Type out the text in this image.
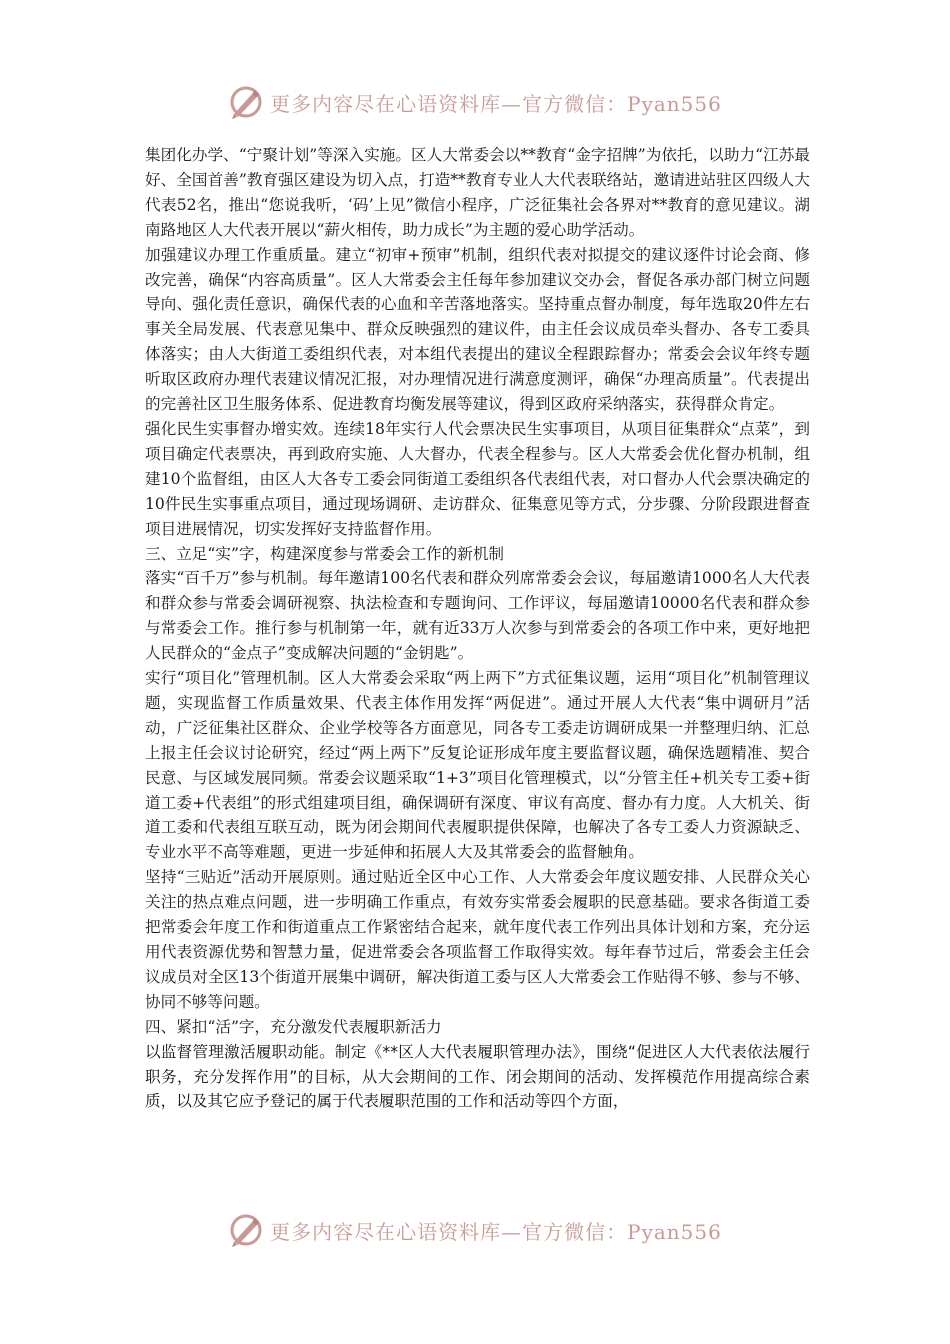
更多内容尽在心语资料库—官方微信：Pyan556

集团化办学、“宁聚计划”等深入实施。区人大常委会以**教育“金字招牌”为依托，以助力“江苏最好、全国首善”教育强区建设为切入点，打造**教育专业人大代表联络站，邀请进站驻区四级人大代表52名，推出“您说我听，‘码’上见”微信小程序，广泛征集社会各界对**教育的意见建议。湖南路地区人大代表开展以“薪火相传，助力成长”为主题的爱心助学活动。

加强建议办理工作重质量。建立“初审+预审”机制，组织代表对拟提交的建议逐件讨论会商、修改完善，确保“内容高质量”。区人大常委会主任每年参加建议交办会，督促各承办部门树立问题导向、强化责任意识，确保代表的心血和辛苦落地落实。坚持重点督办制度，每年选取20件左右事关全局发展、代表意见集中、群众反映强烈的建议件，由主任会议成员牵头督办、各专工委具体落实；由人大街道工委组织代表，对本组代表提出的建议全程跟踪督办；常委会会议年终专题听取区政府办理代表建议情况汇报，对办理情况进行满意度测评，确保“办理高质量”。代表提出的完善社区卫生服务体系、促进教育均衡发展等建议，得到区政府采纳落实，获得群众肯定。

强化民生实事督办增实效。连续18年实行人代会票决民生实事项目，从项目征集群众“点菜”，到项目确定代表票决，再到政府实施、人大督办，代表全程参与。区人大常委会优化督办机制，组建10个监督组，由区人大各专工委会同街道工委组织各代表组代表，对口督办人代会票决确定的10件民生实事重点项目，通过现场调研、走访群众、征集意见等方式，分步骤、分阶段跟进督查项目进展情况，切实发挥好支持监督作用。

三、立足“实”字，构建深度参与常委会工作的新机制

落实“百千万”参与机制。每年邀请100名代表和群众列席常委会会议，每届邀请1000名人大代表和群众参与常委会调研视察、执法检查和专题询问、工作评议，每届邀请10000名代表和群众参与常委会工作。推行参与机制第一年，就有近33万人次参与到常委会的各项工作中来，更好地把人民群众的“金点子”变成解决问题的“金钥匙”。

实行“项目化”管理机制。区人大常委会采取“两上两下”方式征集议题，运用“项目化”机制管理议题，实现监督工作质量效果、代表主体作用发挥“两促进”。通过开展人大代表“集中调研月”活动，广泛征集社区群众、企业学校等各方面意见，同各专工委走访调研成果一并整理归纳、汇总上报主任会议讨论研究，经过“两上两下”反复论证形成年度主要监督议题，确保选题精准、契合民意、与区域发展同频。常委会议题采取“1+3”项目化管理模式，以“分管主任+机关专工委+街道工委+代表组”的形式组建项目组，确保调研有深度、审议有高度、督办有力度。人大机关、街道工委和代表组互联互动，既为闭会期间代表履职提供保障，也解决了各专工委人力资源缺乏、专业水平不高等难题，更进一步延伸和拓展人大及其常委会的监督触角。

坚持“三贴近”活动开展原则。通过贴近全区中心工作、人大常委会年度议题安排、人民群众关心关注的热点难点问题，进一步明确工作重点，有效夯实常委会履职的民意基础。要求各街道工委把常委会年度工作和街道重点工作紧密结合起来，就年度代表工作列出具体计划和方案，充分运用代表资源优势和智慧力量，促进常委会各项监督工作取得实效。每年春节过后，常委会主任会议成员对全区13个街道开展集中调研，解决街道工委与区人大常委会工作贴得不够、参与不够、协同不够等问题。

四、紧扣“活”字，充分激发代表履职新活力

以监督管理激活履职动能。制定《**区人大代表履职管理办法》，围绕“促进区人大代表依法履行职务，充分发挥作用”的目标，从大会期间的工作、闭会期间的活动、发挥模范作用提高综合素质，以及其它应予登记的属于代表履职范围的工作和活动等四个方面，

更多内容尽在心语资料库—官方微信：Pyan556
